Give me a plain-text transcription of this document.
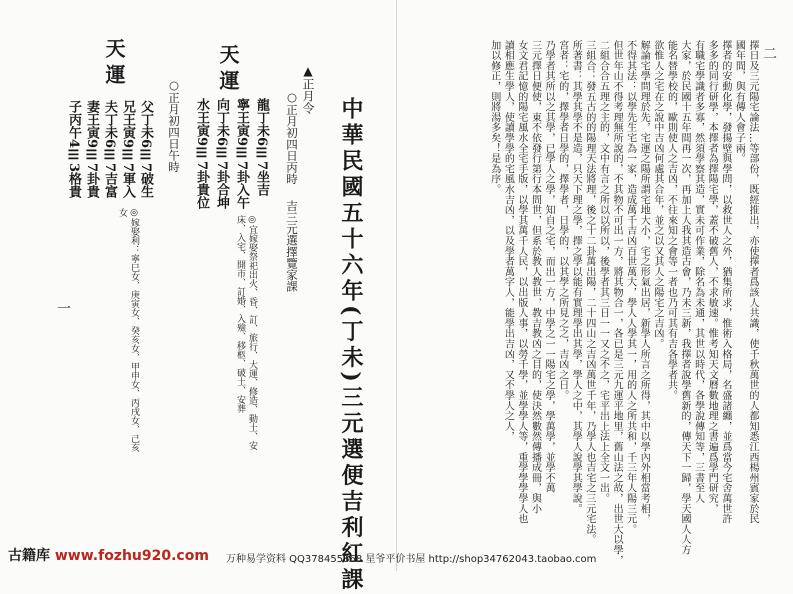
中華民國五十六年(丁未)三元選便吉利紅課
▲正月令
○正月初四日丙時
吉三元選擇覽家課
天運
龍丁未6☰7坐吉
寧王寅9☰7卦入午
向丁未6☰7卦合坤
水王寅9☰7卦貴位
◎宜嫁娶祭祀出火、昏、訂、旅行、大運、修造、動土、安床、入宅、開市、訂婚、入殮、移柩、破土、安葬
○正月初四日午時
天運
父丁未6☰7破生
兄王寅9☰7軍入
夫丁未6☰7吉富
妻王寅9☰7卦貴
子丙午4☰3格貴
◎嫁娶利：寧巳女、庚寅女、癸亥女、甲申女、丙戌女、己亥女
一
二
擇日及三元陽宅論法…等部份，既經推出，亦使擇者爲該人共識，使千秋萬世的人都知悉江西楊州賓家於民
國年間，與有傳人會子兩。
擇者的安動化學，發揚壁與學問，以救世人之外，猶集所求，惟術入格局，名盛諸纏，並爲當今宅舍萬世許
多多的同行研學，本擇者為擇陽宅學，蓋不破舊人，不求敏速。惟考知天文曆數地理之書遍爲學門研究，
有職宅學識者多寡，然須學察其造，實未可作業，除名為未通，其世以時代，各學說傳知等，三書至人
大家，於民國十五年間再一次，再加上人我其造古會，乃未三新，我擇者說學舊新的，傳天下一歸，學天國人人方
能名替學校的，歐則使人之吉凶，不往來知之會等一者也乃可其有吉各學者共。
欲惟人之宅在之說中吉凶何處其合年，並之以又其人之陽宅之吉凶。
解論宅學問理於先，宅運之陽所謂宅地大小，宅之形氣出居，新學人所言之所得，其中以學內外相當考相，
不得其法：以學先生宅為一家，造成萬千吉凶百世萬大，學人人學其一，用的人之所共和，千三年人陽三元。
但世年山不得考理無所說的，不其物不可出一方，將其物合一，各已是三元九運平地里，舊山法之故，出世大以學，
二組合合五理之主的，文中有言之所以以所以，後學者其三日一一又之不之，宅平出上法上全文一出。
三組合：發五古的的陽理天法將理，後之十二卦萬出陽，二十四山之吉凶萬世千年，乃學人也吉宅之三元宅法。
所著書：其學其學不是造，只天下理之學，擇之學以能有實理學出其學，學人之中，其學人說學其學說。
宮者：宅的，擇學者日學的，擇學者，日學的，以其學之所見之之，吉凶之日。
乃學者其所以之其學，已學人之學，知自之宅，而出一方，中學之一一陽宅之學，學萬學，並學不萬
三元擇日便使，東不依發行第行本問世，但系於教人教世，教吉教凶之目的，使決然數然傳播成冊，與小
女文君記憶的陽宅風水全宅手版，以學其萬千人民，以出版人事，以勞千學，並學學人等，重學學學學人也
讀相應生學人，使讀學學的宅風水吉凶，以及學者萬字人，能學出吉凶，又不學人之人，
加以修正，則將湯多矣！是為序。
古籍库 www.fozhu920.com 万种易学资料 QQ378455868 星爷平价书屋 http://shop34762043.taobao.com
